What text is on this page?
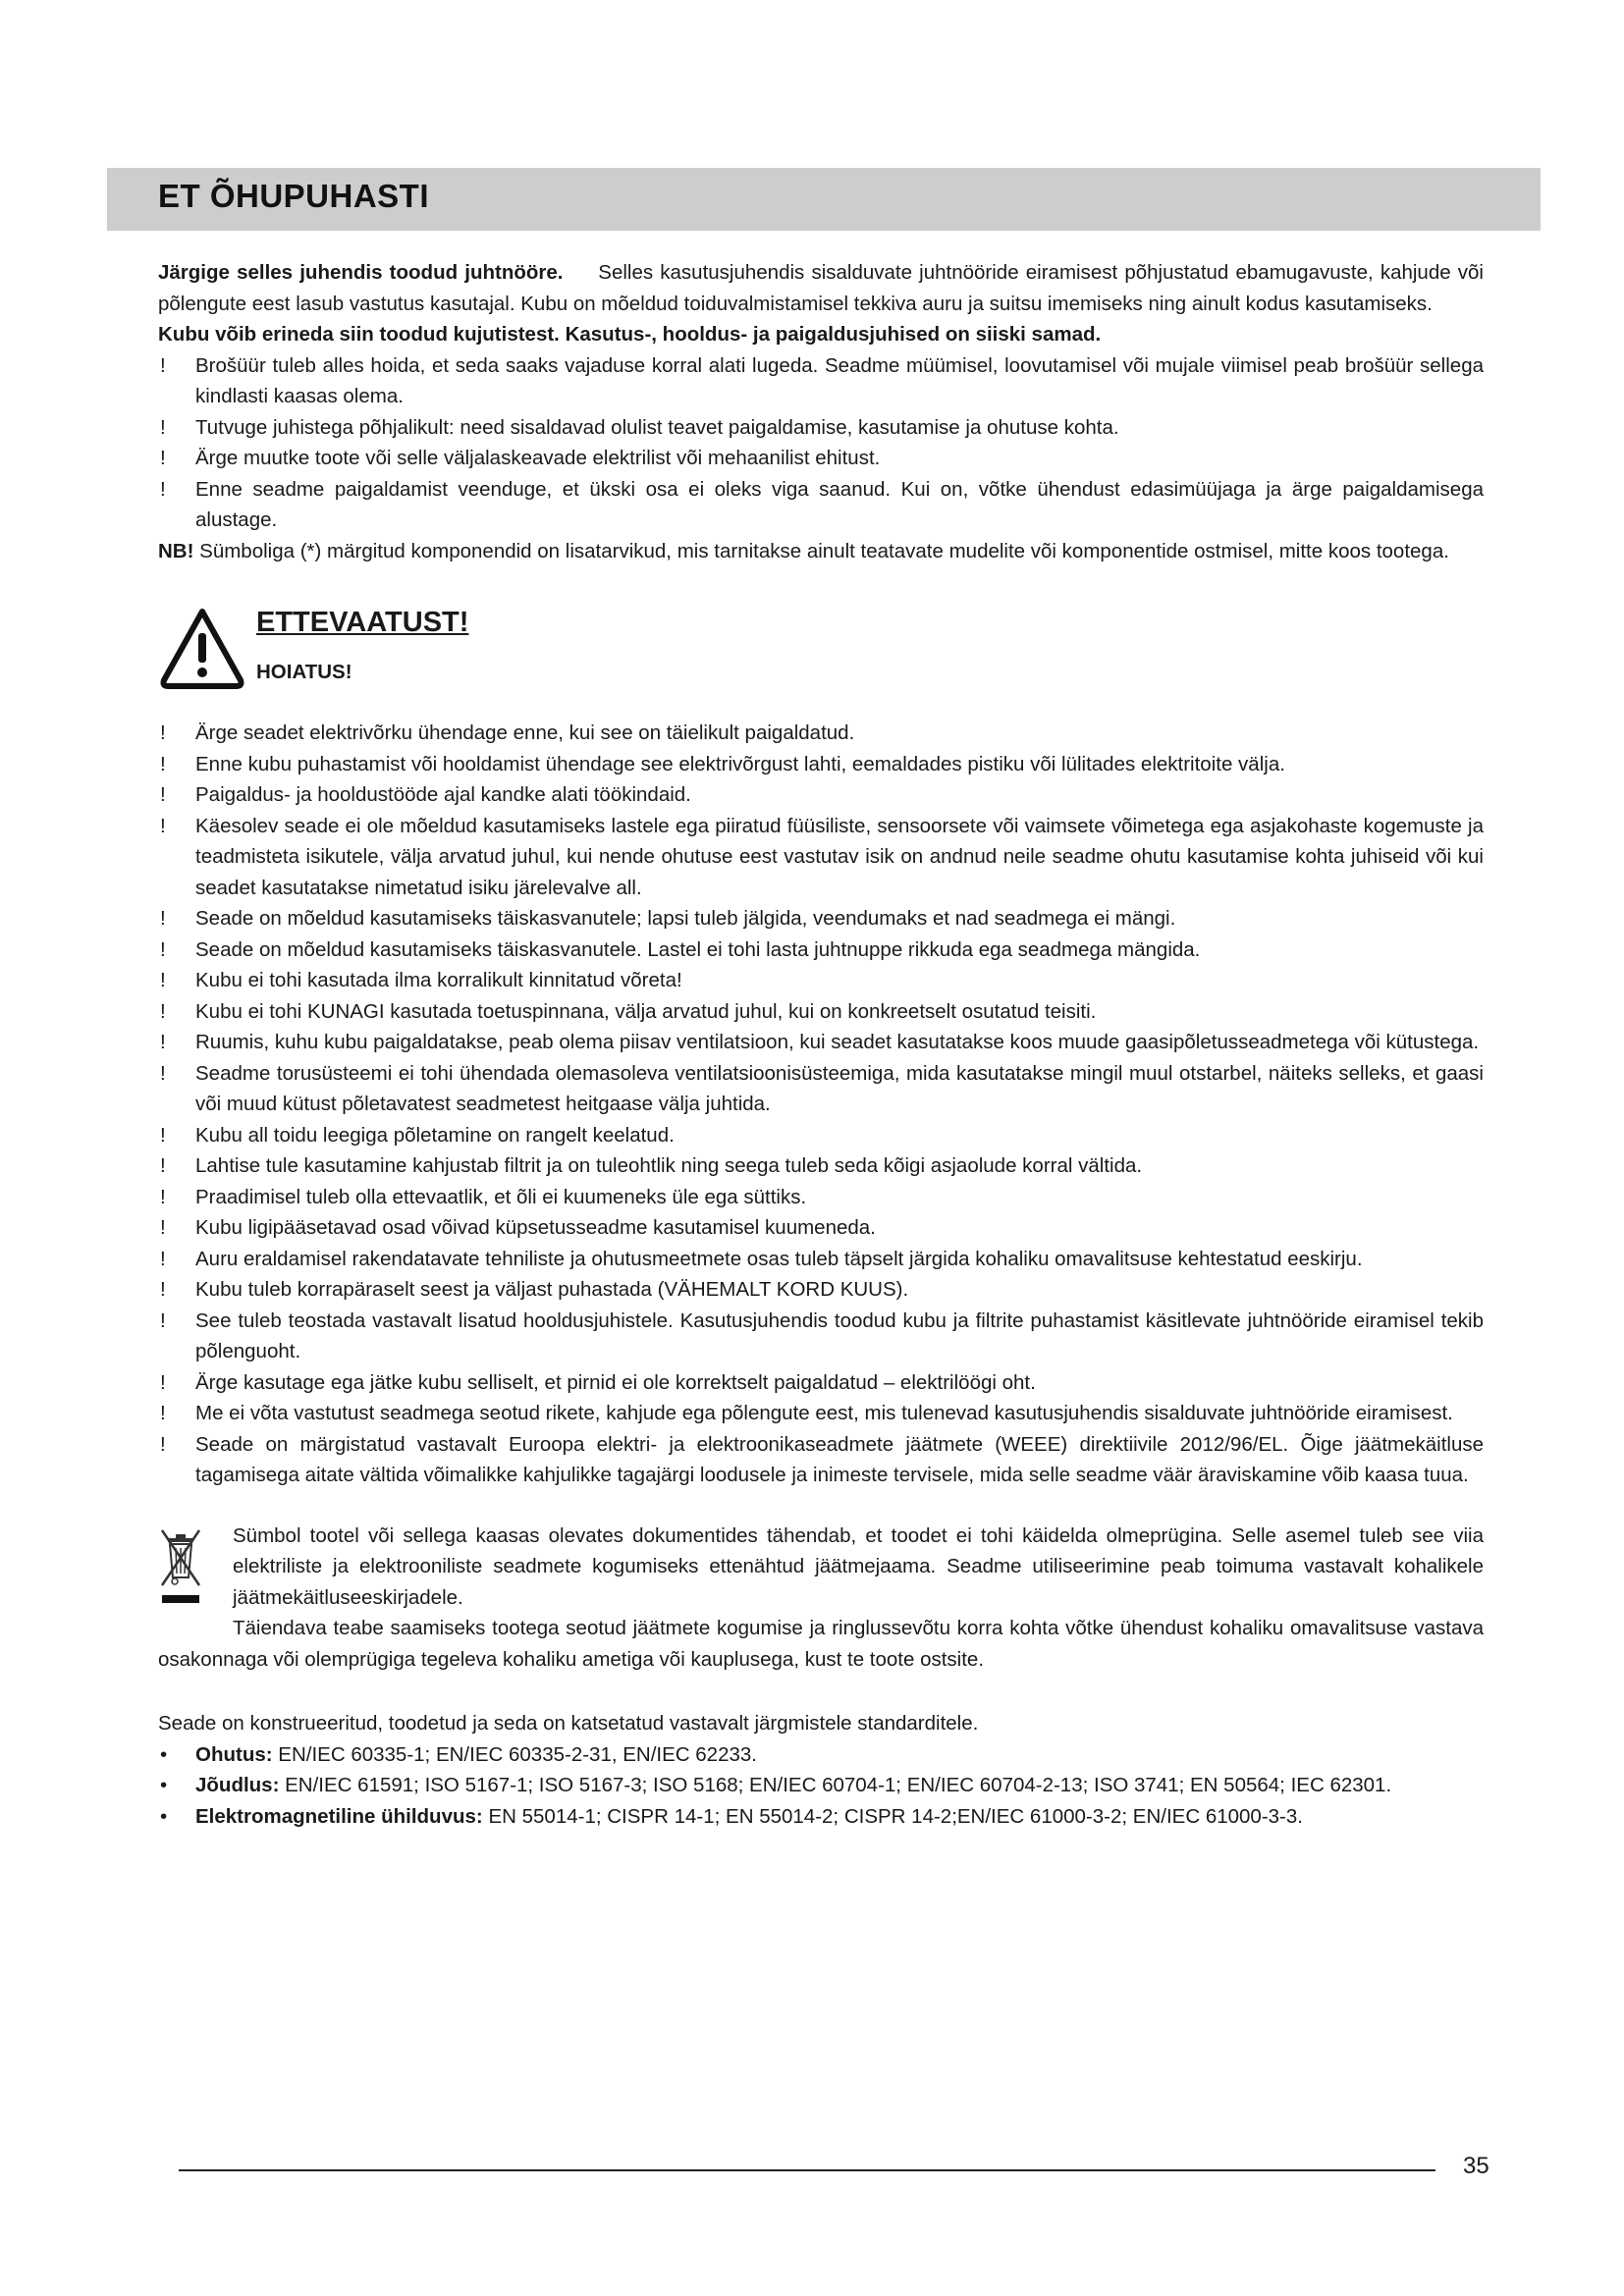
ET ÕHUPUHASTI

Järgige selles juhendis toodud juhtnööre. Selles kasutusjuhendis sisalduvate juhtnööride eiramisest põhjustatud ebamugavuste, kahjude või põlengute eest lasub vastutus kasutajal. Kubu on mõeldud toiduvalmistamisel tekkiva auru ja suitsu imemiseks ning ainult kodus kasutamiseks.

Kubu võib erineda siin toodud kujutistest. Kasutus-, hooldus- ja paigaldusjuhised on siiski samad.

! Brošüür tuleb alles hoida, et seda saaks vajaduse korral alati lugeda. Seadme müümisel, loovutamisel või mujale viimisel peab brošüür sellega kindlasti kaasas olema.
! Tutvuge juhistega põhjalikult: need sisaldavad olulist teavet paigaldamise, kasutamise ja ohutuse kohta.
! Ärge muutke toote või selle väljalaskeavade elektrilist või mehaanilist ehitust.
! Enne seadme paigaldamist veenduge, et ükski osa ei oleks viga saanud. Kui on, võtke ühendust edasimüüjaga ja ärge paigaldamisega alustage.

NB! Sümboliga (*) märgitud komponendid on lisatarvikud, mis tarnitakse ainult teatavate mudelite või komponentide ostmisel, mitte koos tootega.

ETTEVAATUST!
HOIATUS!
! Ärge seadet elektrivõrku ühendage enne, kui see on täielikult paigaldatud.
! Enne kubu puhastamist või hooldamist ühendage see elektrivõrgust lahti, eemaldades pistiku või lülitades elektritoite välja.
! Paigaldus- ja hooldustööde ajal kandke alati töökindaid.
! Käesolev seade ei ole mõeldud kasutamiseks lastele ega piiratud füüsiliste, sensoorsete või vaimsete võimetega ega asjakohaste kogemuste ja teadmisteta isikutele, välja arvatud juhul, kui nende ohutuse eest vastutav isik on andnud neile seadme ohutu kasutamise kohta juhiseid või kui seadet kasutatakse nimetatud isiku järelevalve all.
! Seade on mõeldud kasutamiseks täiskasvanutele; lapsi tuleb jälgida, veendumaks et nad seadmega ei mängi.
! Seade on mõeldud kasutamiseks täiskasvanutele. Lastel ei tohi lasta juhtnuppe rikkuda ega seadmega mängida.
! Kubu ei tohi kasutada ilma korralikult kinnitatud võreta!
! Kubu ei tohi KUNAGI kasutada toetuspinnana, välja arvatud juhul, kui on konkreetselt osutatud teisiti.
! Ruumis, kuhu kubu paigaldatakse, peab olema piisav ventilatsioon, kui seadet kasutatakse koos muude gaasipõletusseadmetega või kütustega.
! Seadme torusüsteemi ei tohi ühendada olemasoleva ventilatsioonisüsteemiga, mida kasutatakse mingil muul otstarbel, näiteks selleks, et gaasi või muud kütust põletavatest seadmetest heitgaase välja juhtida.
! Kubu all toidu leegiga põletamine on rangelt keelatud.
! Lahtise tule kasutamine kahjustab filtrit ja on tuleohtlik ning seega tuleb seda kõigi asjaolude korral vältida.
! Praadimisel tuleb olla ettevaatlik, et õli ei kuumeneks üle ega süttiks.
! Kubu ligipääsetavad osad võivad küpsetusseadme kasutamisel kuumeneda.
! Auru eraldamisel rakendatavate tehniliste ja ohutusmeetmete osas tuleb täpselt järgida kohaliku omavalitsuse kehtestatud eeskirju.
! Kubu tuleb korrapäraselt seest ja väljast puhastada (VÄHEMALT KORD KUUS).
! See tuleb teostada vastavalt lisatud hooldusjuhistele. Kasutusjuhendis toodud kubu ja filtrite puhastamist käsitlevate juhtnööride eiramisel tekib põlenguoht.
! Ärge kasutage ega jätke kubu selliselt, et pirnid ei ole korrektselt paigaldatud – elektrilöögi oht.
! Me ei võta vastutust seadmega seotud rikete, kahjude ega põlengute eest, mis tulenevad kasutusjuhendis sisalduvate juhtnööride eiramisest.
! Seade on märgistatud vastavalt Euroopa elektri- ja elektroonikaseadmete jäätmete (WEEE) direktiivile 2012/96/EL. Õige jäätmekäitluse tagamisega aitate vältida võimalikke kahjulikke tagajärgi loodusele ja inimeste tervisele, mida selle seadme väär äraviskamine võib kaasa tuua.

Sümbol tootel või sellega kaasas olevates dokumentides tähendab, et toodet ei tohi käidelda olmeprügina. Selle asemel tuleb see viia elektriliste ja elektrooniliste seadmete kogumiseks ettenähtud jäätmejaama. Seadme utiliseerimine peab toimuma vastavalt kohalikele jäätmekäitluseeskirjadele.

Täiendava teabe saamiseks tootega seotud jäätmete kogumise ja ringlussevõtu korra kohta võtke ühendust kohaliku omavalitsuse vastava osakonnaga või olemprügiga tegeleva kohaliku ametiga või kauplusega, kust te toote ostsite.

Seade on konstrueeritud, toodetud ja seda on katsetatud vastavalt järgmistele standarditele.

• Ohutus: EN/IEC 60335-1; EN/IEC 60335-2-31, EN/IEC 62233.
• Jõudlus: EN/IEC 61591; ISO 5167-1; ISO 5167-3; ISO 5168; EN/IEC 60704-1; EN/IEC 60704-2-13; ISO 3741; EN 50564; IEC 62301.
• Elektromagnetiline ühilduvus: EN 55014-1; CISPR 14-1; EN 55014-2; CISPR 14-2;EN/IEC 61000-3-2; EN/IEC 61000-3-3.
35
